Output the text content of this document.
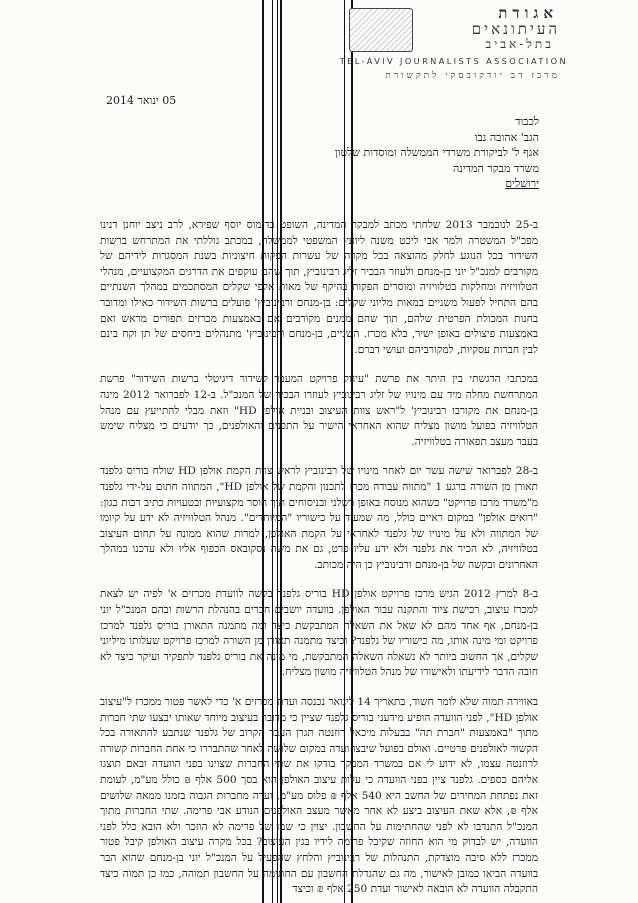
אגודת
העיתונאים
בתל-אביב
TEL-AVIV JOURNALISTS ASSOCIATION
מרכז דב יודקובסקי לתקשורת
05 ינואר 2014
לכבוד
הגב' אהובה נבו
אגף ל' לביקורת משרדי הממשלה ומוסדות שלטון
משרד מבקר המדינה
ירושלים

ב-25 לנובמבר 2013 שלחתי מכתב למבקר המדינה, השופט בדימוס יוסף שפירא, לרב ניצב יוחנן דנינו מפכ"ל המשטרה ולמר אבי ליכט משנה ליועץ המשפטי לממשלה, במכתב גוללתי את המתרחש ברשות השידור בכל הנוגע לחלק מהוצאה בכל מקרה של עשרות הפקות חיצוניות בשנת המסגרות לידיהם של מקורבים למנכ"ל יוני בן-מנחם ולעוזר הבכיר זליג רבינוביץ, תוך שהם עוקפים את הדרגים המקצועיים, מנהלי הטלוויזיה ומחלקות בטלוויזיה ומוסרים הפקות בהיקף של מאות אלפי שקלים המסתכמים במהלך השנתיים בהם התחיל לפעול משניים במאות מליוני שקלים: בן-מנחם ורבינוביץ' פועלים ברשות השידור כאילו ומדובר בחנות המכולת הפרטית שלהם, תוך שהם ממנים מקורבים אם באמצעות מכרזים תפורים מראש ואם באמצעות פיצולים באופן ישיר, בלא מכרז. השניים, בן-מנחם ורבינוביץ' מתנהלים ביחסים של תן וקח בינם לבין חברות עסקיות, למקורביהם ועושי דברם.

במכתבי הדגשתי בין היתר את פרשת "עיגול פרויקט המעבר לשידור דיגיטלי ברשות השידור" פרשת המתרחשת מחלה מיד עם מינויו של זליג רבינוביץ לעוזרו הבכיר של המנכ"ל. ב-12 לפברואר 2012 מינה בן-מנחם את מקורבו רבינוביץ' ל"ראש צוות העיצוב ובניית אולפן HD" וזאת מבלי להתייעץ עם מנהל הטלוויזיה בפועל מושון מצליח שהוא האחראי הישיר על התכנים והאולפנים, כך יודעים כי מצליח שימש בעבר מעצב תפאורה בטלוויזיה.

ב-28 לפברואר שישה עשר יום לאחר מינויו של רבינוביץ לראש צוות הקמת אולפן HD שולח בוריס גלפנד תאורן מן השורה ברגע 1 "מתווה עבודה מכרז לתכנון והקמת של אולפן HD", המתווה חתום על-ידי גלפנד מ"משרד מרכז פרויקט" כשהוא מנוסח באופן רשלני ובניסוחים תוך חוסר מקצועיות ובטעויות כתיב רבות כגון: "רואים אולפן" במקום ראיים כולל, מה שמעיד על כישוריו "המיוחדים". מנהל הטלוויזיה לא ידע על קיומו של המתווה ולא על מינויו של גלפנד לאחראי על הקמת האולפן, למרות שהוא ממונה על תחום העיצוב בטלוויזיה, לא הכיר את גלפנד ולא ידע עליו פרט, גם את משה נסקובאס הכפוף אליו ולא עדכנו במהלך האחרונים ובקשה של בן-מנחם ורבינוביץ כן היה מכותב.

ב-8 למרץ 2012 הגיש מרכז פרויקט אולפן HD בוריס גלפנד בקשה לוועדת מכרזים א' לפיה יש לצאת למכרז עיצוב, רכישת ציוד והתקנה עבור האולפן. בוועדה יושבים חברים בהנהלת הרשות ובהם המנכ"ל יוני בן-מנחם, אף אחד מהם לא שאל את השאלה המתבקשת כיצד ומה מתמנה התאורן בוריס גלפנד למרכז פרויקט ומי מינה אותו, מה כישוריו של גלפנד? וכיצד מתמנה תאורן מן השורה למרכז פרויקט שעלותו מיליוני שקלים, אך החשוב ביותר לא נשאלה השאלה המתבקשת, מי מינה את בוריס גלפנד לתפקיד ועיקר כיצד לא חובה הדבר לידיעתו ולאישורו של מנהל הטלוויזיה מושון מצליח.

באווירה תמוה שלא לומר חשוד, בתאריך 14 לינואר נכנסה ועדת מכרזים א' כדי לאשר פטור ממכרז ל"עיצוב אולפן HD", לפני הוועדה הופיע מידעני בוריס גלפנד שציין כי מדובר בעיצוב מיוחד שאותו יבצעו שתי חברות מתוך "באמצעות "חברת תה" בבעלות מיכאל רוזנטה תגרן העבר הקרוב של גלפנד שנתבע להתאורה בכל הקשור לאולפנים פרטיים. ואולם בפועל שיבצו ועדה במקום שלושה לאחר שהתבררו כי אחת החברות קשורה לרוזנטה עצמו, לא ידוע לי אם במשרד המבקר בודקו את שתי החברות שצוינו בפני הוועדה ובאם תוצגו אליהם כספים. גלפנד ציין בפני הוועדה כי עלות עיצוב האולפן הוא בסך 500 אלף ₪ כולל מע"מ, לעומת זאת נפתחת המחירים של החשב היא 540 אלף ₪ פלוס מע"מ, ועדה מחברות הגבוה בזמנו ממאה שלושים אלף ₪, אלא שאת העיצוב ביצע לא אחר מאשר מעצב האולפנים הנודע אבי פרימה. שתי החברות מתוך המנכ"ל התנדבו לא לפני שהחתימות על החשבון. יצוין כי שמו של פרימה לא הוזכר ולא הובא כלל לפני הוועדה, יש לבדוק מי הוא החוזה שקיבל פרימה לידיו בגין העיצוב? בכל מקרה עיצוב האולפן קיבל פטור ממכרז ללא סיבה מוצדקת, התנהלות של רבינוביץ והלחץ שהפעיל על המנכ"ל יוני בן-מנחם שהוא הבר בוועדה הביאו כמובן לאישור, מה גם שהגדלת החשבון עם החתימה על החשבון תמוהה, כמו כן תמוה כיצד התקבלה הוועדה לא הובאה לאישור ועדת 250 אלף ₪ וכיצד
